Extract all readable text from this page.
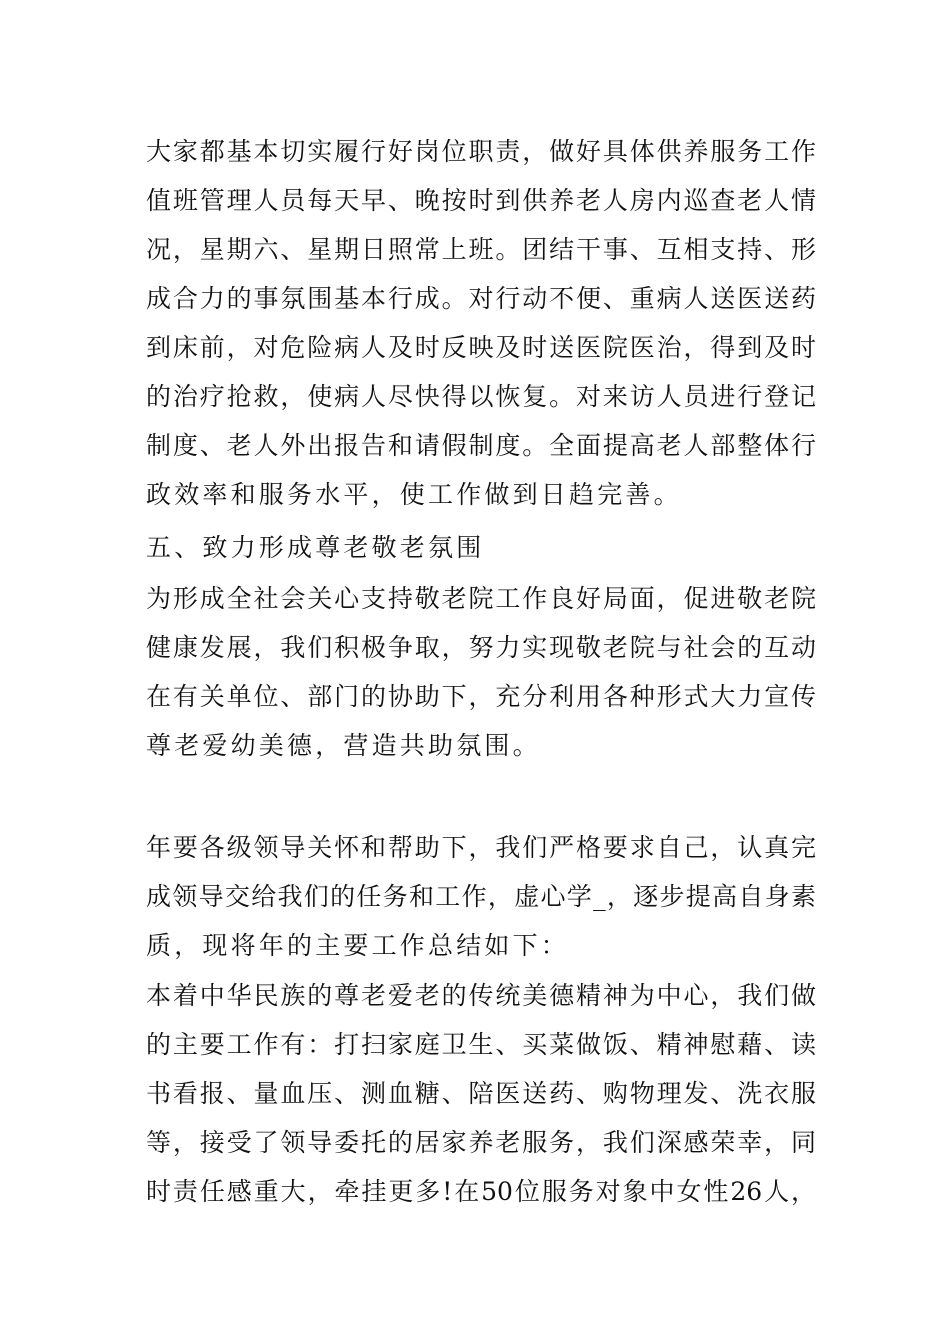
大家都基本切实履行好岗位职责，做好具体供养服务工作
值班管理人员每天早、晚按时到供养老人房内巡查老人情
况，星期六、星期日照常上班。团结干事、互相支持、形
成合力的事氛围基本行成。对行动不便、重病人送医送药
到床前，对危险病人及时反映及时送医院医治，得到及时
的治疗抢救，使病人尽快得以恢复。对来访人员进行登记
制度、老人外出报告和请假制度。全面提高老人部整体行
政效率和服务水平，使工作做到日趋完善。
五、致力形成尊老敬老氛围
为形成全社会关心支持敬老院工作良好局面，促进敬老院
健康发展，我们积极争取，努力实现敬老院与社会的互动
在有关单位、部门的协助下，充分利用各种形式大力宣传
尊老爱幼美德，营造共助氛围。
年要各级领导关怀和帮助下，我们严格要求自己，认真完
成领导交给我们的任务和工作，虚心学_，逐步提高自身素
质，现将年的主要工作总结如下：
本着中华民族的尊老爱老的传统美德精神为中心，我们做
的主要工作有：打扫家庭卫生、买菜做饭、精神慰藉、读
书看报、量血压、测血糖、陪医送药、购物理发、洗衣服
等，接受了领导委托的居家养老服务，我们深感荣幸，同
时责任感重大，牵挂更多!在50位服务对象中女性26人，
